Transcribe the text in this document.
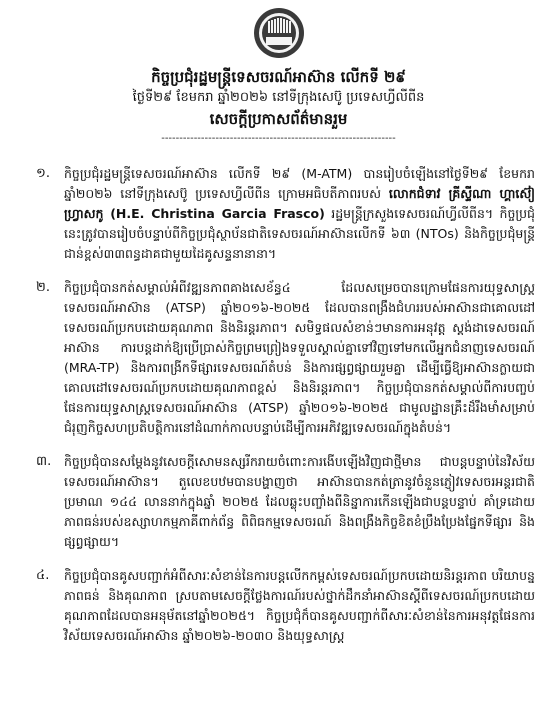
កិច្ចប្រជុំរដ្ឋមន្ត្រីទេសចរណ៍អាស៊ាន លើកទី ២៩
ថ្ងៃទី២៩ ខែមករា ឆ្នាំ២០២៦ នៅទីក្រុងសេប៊ូ ប្រទេសហ្វីលីពីន
សេចក្តីប្រកាសព័ត៌មានរួម
-----------------------------------------------------------------
១.	កិច្ចប្រជុំរដ្ឋមន្ត្រីទេសចរណ៍អាស៊ាន លើកទី ២៩ (M-ATM) បានរៀបចំឡើងនៅថ្ងៃទី២៩ ខែមករា ឆ្នាំ២០២៦ នៅទីក្រុងសេប៊ូ ប្រទេសហ្វីលីពីន ក្រោមអធិបតីភាពរបស់ លោកជំទាវ គ្រីស្ទីណា ហ្គាស៊ៀ ហ្វ្រាសកូ (H.E. Christina Garcia Frasco) រដ្ឋមន្ត្រីក្រសួងទេសចរណ៍ហ្វីលីពីន។ កិច្ចប្រជុំនេះត្រូវបានរៀបចំបន្ទាប់ពីកិច្ចប្រជុំស្ថាប័នជាតិទេសចរណ៍អាស៊ានលើកទី ៦៣ (NTOs) និងកិច្ចប្រជុំមន្ត្រីជាន់ខ្ពស់៣៣ពន្ធដាគជាមួយដៃគូសន្ទនានានា។
២.	កិច្ចប្រជុំបានកត់សម្គាល់អំពីវឌ្ឍនភាពគាងសេខ័ន្ធ៤ ដែលសម្រេចបានក្រោមផែនការយុទ្ធសាស្ត្រទេសចរណ៍អាស៊ាន (ATSP) ឆ្នាំ២០១៦-២០២៥ ដែលបានពង្រឹងជំហររបស់អាស៊ានជាគោលដៅទេសចរណ៍ប្រកបដោយគុណភាព និងនិរន្តរភាព។ សមិទ្ធផលសំខាន់ៗមានការអនុវត្ត ស្តង់ដាទេសចរណ៍អាស៊ាន ការបន្តដាក់ឱ្យប្រើប្រាស់កិច្ចព្រមព្រៀងទទួលស្គាល់គ្នាទៅវិញទៅមកលើអ្នកជំនាញទេសចរណ៍ (MRA-TP) និងការពង្រីកទីផ្សារទេសចរណ៍តំបន់ និងការផ្សព្វផ្សាយរួមគ្នា ដើម្បីធ្វើឱ្យអាស៊ានក្លាយជាគោលដៅទេសចរណ៍ប្រកបដោយគុណភាពខ្ពស់ និងនិរន្តរភាព។ កិច្ចប្រជុំបានកត់សម្គាល់ពីការបញ្ចប់ផែនការយុទ្ធសាស្ត្រទេសចរណ៍អាស៊ាន (ATSP) ឆ្នាំ២០១៦-២០២៥ ជាមូលដ្ឋានគ្រឹះដ៏រឹងមាំសម្រាប់ជំរុញកិច្ចសហប្រតិបត្តិការនៅដំណាក់កាលបន្ទាប់ដើម្បីការអភិវឌ្ឍទេសចរណ៍ក្នុងតំបន់។
៣.	កិច្ចប្រជុំបានសម្តែងនូវសេចក្តីសោមនស្សរីករាយចំពោះការងើបឡើងវិញជាថ្មីមាន ជាបន្តបន្ទាប់នៃវិស័យទេសចរណ៍អាស៊ាន។ តួលេខបឋមបានបង្ហាញថា អាស៊ានបានកត់ត្រានូវចំនួនភ្ញៀវទេសចរអន្តរជាតិប្រមាណ ១៤៤ លាននាក់ក្នុងឆ្នាំ ២០២៥ ដែលឆ្លុះបញ្ចាំងពីនិន្នាការកើនឡើងជាបន្តបន្ទាប់ គាំទ្រដោយភាពធន់របស់ឧស្សាហកម្មភាគីពាក់ព័ន្ធ ពិពិធកម្មទេសចរណ៍ និងពង្រឹងកិច្ចខិតខំប្រឹងប្រែងផ្នែកទីផ្សារ និងផ្សព្វផ្សាយ។
៤.	កិច្ចប្រជុំបានគូសបញ្ជាក់អំពីសារៈសំខាន់នៃការបន្តលើកកម្ពស់ទេសចរណ៍ប្រកបដោយនិរន្តរភាព បរិយាបន្ន ភាពធន់ និងគុណភាព ស្របតាមសេចក្តីថ្លែងការណ៍របស់ថ្នាក់ដឹកនាំអាស៊ានស្តីពីទេសចរណ៍ប្រកបដោយគុណភាពដែលបានអនុម័តនៅឆ្នាំ២០២៥។ កិច្ចប្រជុំក៏បានគូសបញ្ជាក់ពីសារៈសំខាន់នៃការអនុវត្តផែនការវិស័យទេសចរណ៍អាស៊ាន ឆ្នាំ២០២៦-២០៣០ និងយុទ្ធសាស្ត្រ
